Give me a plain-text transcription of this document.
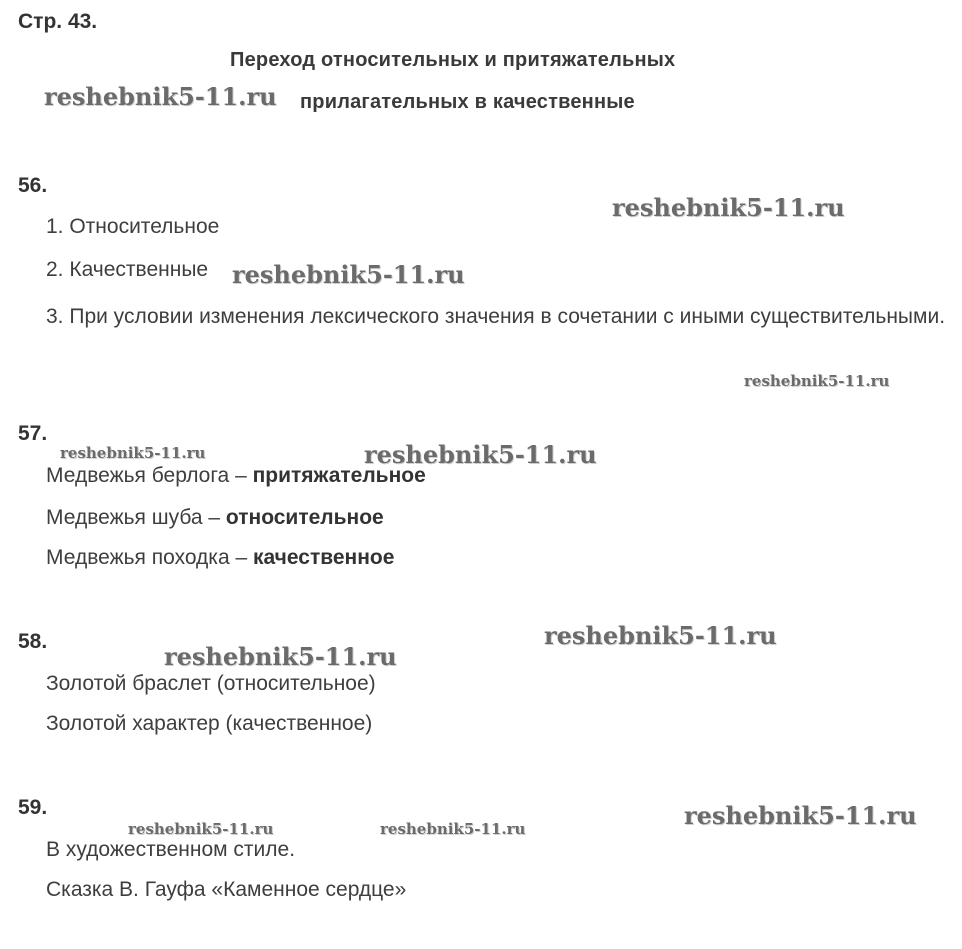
Стр. 43.
Переход относительных и притяжательных
прилагательных в качественные
56.
1. Относительное
2. Качественные
3. При условии изменения лексического значения в сочетании с иными существительными.
57.
Медвежья берлога – притяжательное
Медвежья шуба – относительное
Медвежья походка – качественное
58.
Золотой браслет (относительное)
Золотой характер (качественное)
59.
В художественном стиле.
Сказка В. Гауфа «Каменное сердце»
reshebnik5-11.ru
reshebnik5-11.ru
reshebnik5-11.ru
reshebnik5-11.ru
reshebnik5-11.ru	reshebnik5-11.ru
reshebnik5-11.ru
reshebnik5-11.ru
reshebnik5-11.ru
reshebnik5-11.ru	reshebnik5-11.ru
